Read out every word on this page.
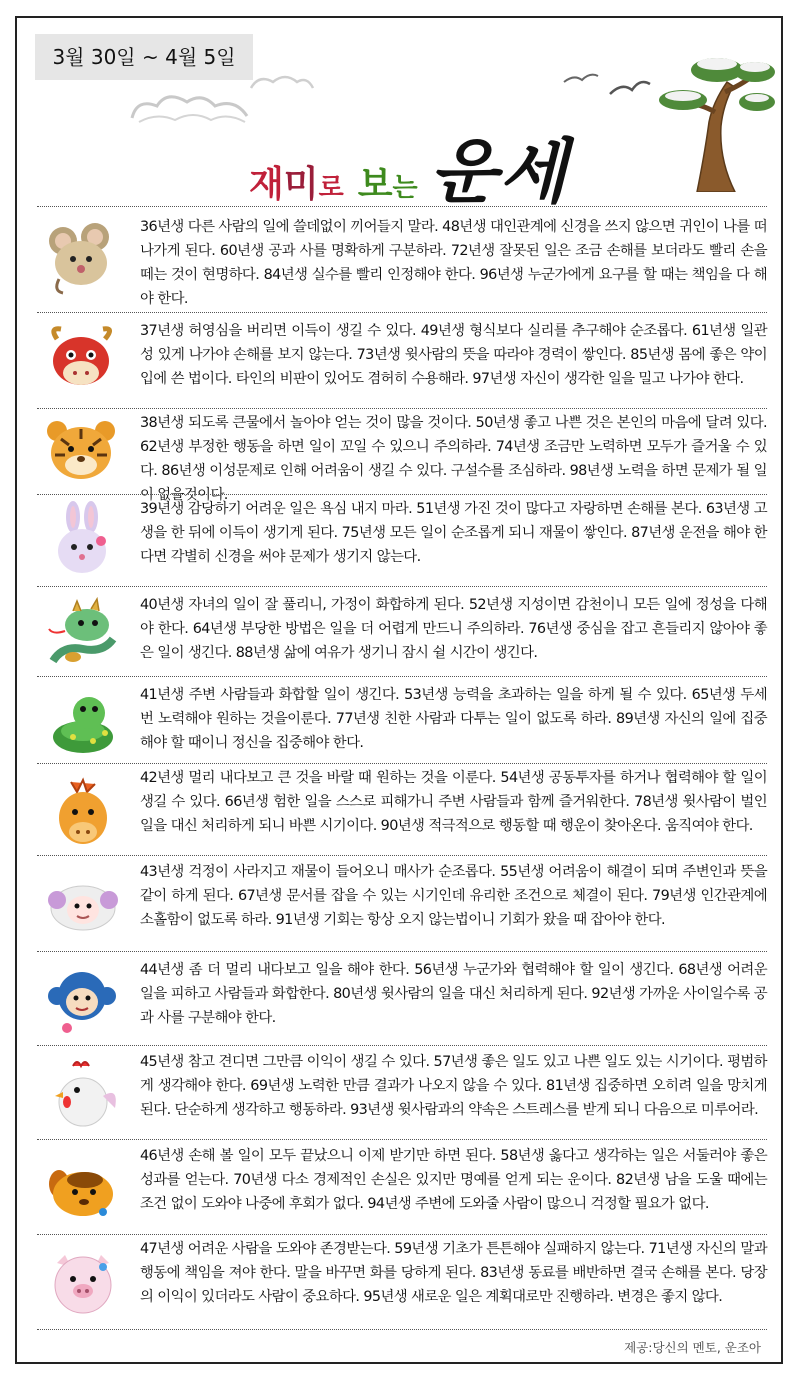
3월 30일 ~ 4월 5일
재미로 보는 운세

36년생 다른 사람의 일에 쓸데없이 끼어들지 말라. 48년생 대인관계에 신경을 쓰지 않으면 귀인이 나를 떠나가게 된다. 60년생 공과 사를 명확하게 구분하라. 72년생 잘못된 일은 조금 손해를 보더라도 빨리 손을 떼는 것이 현명하다. 84년생 실수를 빨리 인정해야 한다. 96년생 누군가에게 요구를 할 때는 책임을 다 해야 한다.

37년생 허영심을 버리면 이득이 생길 수 있다. 49년생 형식보다 실리를 추구해야 순조롭다. 61년생 일관성 있게 나가야 손해를 보지 않는다. 73년생 윗사람의 뜻을 따라야 경력이 쌓인다. 85년생 몸에 좋은 약이 입에 쓴 법이다. 타인의 비판이 있어도 겸허히 수용해라. 97년생 자신이 생각한 일을 밀고 나가야 한다.

38년생 되도록 큰물에서 놀아야 얻는 것이 많을 것이다. 50년생 좋고 나쁜 것은 본인의 마음에 달려 있다. 62년생 부정한 행동을 하면 일이 꼬일 수 있으니 주의하라. 74년생 조금만 노력하면 모두가 즐거울 수 있다. 86년생 이성문제로 인해 어려움이 생길 수 있다. 구설수를 조심하라. 98년생 노력을 하면 문제가 될 일이 없을것이다.

39년생 감당하기 어려운 일은 욕심 내지 마라. 51년생 가진 것이 많다고 자랑하면 손해를 본다. 63년생 고생을 한 뒤에 이득이 생기게 된다. 75년생 모든 일이 순조롭게 되니 재물이 쌓인다. 87년생 운전을 해야 한다면 각별히 신경을 써야 문제가 생기지 않는다.

40년생 자녀의 일이 잘 풀리니, 가정이 화합하게 된다. 52년생 지성이면 감천이니 모든 일에 정성을 다해야 한다. 64년생 부당한 방법은 일을 더 어렵게 만드니 주의하라. 76년생 중심을 잡고 흔들리지 않아야 좋은 일이 생긴다. 88년생 삶에 여유가 생기니 잠시 쉴 시간이 생긴다.

41년생 주변 사람들과 화합할 일이 생긴다. 53년생 능력을 초과하는 일을 하게 될 수 있다. 65년생 두세 번 노력해야 원하는 것을이룬다. 77년생 친한 사람과 다투는 일이 없도록 하라. 89년생 자신의 일에 집중해야 할 때이니 정신을 집중해야 한다.

42년생 멀리 내다보고 큰 것을 바랄 때 원하는 것을 이룬다. 54년생 공동투자를 하거나 협력해야 할 일이 생길 수 있다. 66년생 험한 일을 스스로 피해가니 주변 사람들과 함께 즐거워한다. 78년생 윗사람이 벌인 일을 대신 처리하게 되니 바쁜 시기이다. 90년생 적극적으로 행동할 때 행운이 찾아온다. 움직여야 한다.

43년생 걱정이 사라지고 재물이 들어오니 매사가 순조롭다. 55년생 어려움이 해결이 되며 주변인과 뜻을 같이 하게 된다. 67년생 문서를 잡을 수 있는 시기인데 유리한 조건으로 체결이 된다. 79년생 인간관계에 소홀함이 없도록 하라. 91년생 기회는 항상 오지 않는법이니 기회가 왔을 때 잡아야 한다.

44년생 좀 더 멀리 내다보고 일을 해야 한다. 56년생 누군가와 협력해야 할 일이 생긴다. 68년생 어려운 일을 피하고 사람들과 화합한다. 80년생 윗사람의 일을 대신 처리하게 된다. 92년생 가까운 사이일수록 공과 사를 구분해야 한다.

45년생 참고 견디면 그만큼 이익이 생길 수 있다. 57년생 좋은 일도 있고 나쁜 일도 있는 시기이다. 평범하게 생각해야 한다. 69년생 노력한 만큼 결과가 나오지 않을 수 있다. 81년생 집중하면 오히려 일을 망치게 된다. 단순하게 생각하고 행동하라. 93년생 윗사람과의 약속은 스트레스를 받게 되니 다음으로 미루어라.

46년생 손해 볼 일이 모두 끝났으니 이제 받기만 하면 된다. 58년생 옳다고 생각하는 일은 서둘러야 좋은 성과를 얻는다. 70년생 다소 경제적인 손실은 있지만 명예를 얻게 되는 운이다. 82년생 남을 도울 때에는 조건 없이 도와야 나중에 후회가 없다. 94년생 주변에 도와줄 사람이 많으니 걱정할 필요가 없다.

47년생 어려운 사람을 도와야 존경받는다. 59년생 기초가 튼튼해야 실패하지 않는다. 71년생 자신의 말과 행동에 책임을 져야 한다. 말을 바꾸면 화를 당하게 된다. 83년생 동료를 배반하면 결국 손해를 본다. 당장의 이익이 있더라도 사람이 중요하다. 95년생 새로운 일은 계획대로만 진행하라. 변경은 좋지 않다.

제공:당신의 멘토, 운조아
